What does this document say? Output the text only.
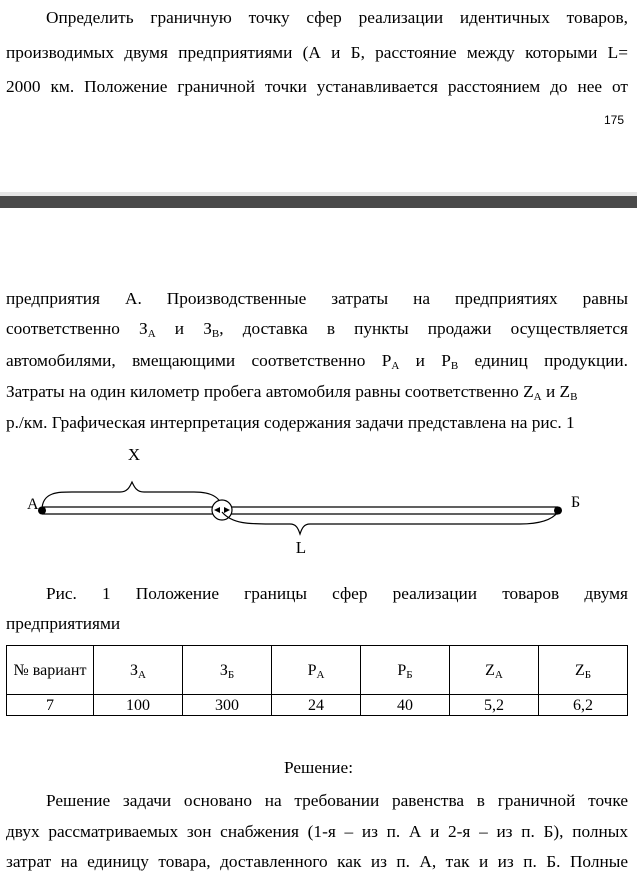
Определить граничную точку сфер реализации идентичных товаров,
производимых двумя предприятиями (А и Б, расстояние между которыми L=
2000 км. Положение граничной точки устанавливается расстоянием до нее от
175
предприятия А. Производственные затраты на предприятиях равны
соответственно $З_A$ и $З_B$, доставка в пункты продажи осуществляется
автомобилями, вмещающими соответственно $Р_A$ и $Р_B$ единиц продукции.
Затраты на один километр пробега автомобиля равны соответственно $Z_A$ и $Z_B$
р./км. Графическая интерпретация содержания задачи представлена на рис. 1
X
А	Б
L
Рис. 1 Положение границы сфер реализации товаров двумя
предприятиями
№ вариант	$З_А$	$З_Б$	$Р_А$	$Р_Б$	$Z_А$	$Z_Б$
7	100	300	24	40	5,2	6,2
Решение:
Решение задачи основано на требовании равенства в граничной точке
двух рассматриваемых зон снабжения (1-я – из п. А и 2-я – из п. Б), полных
затрат на единицу товара, доставленного как из п. А, так и из п. Б. Полные
